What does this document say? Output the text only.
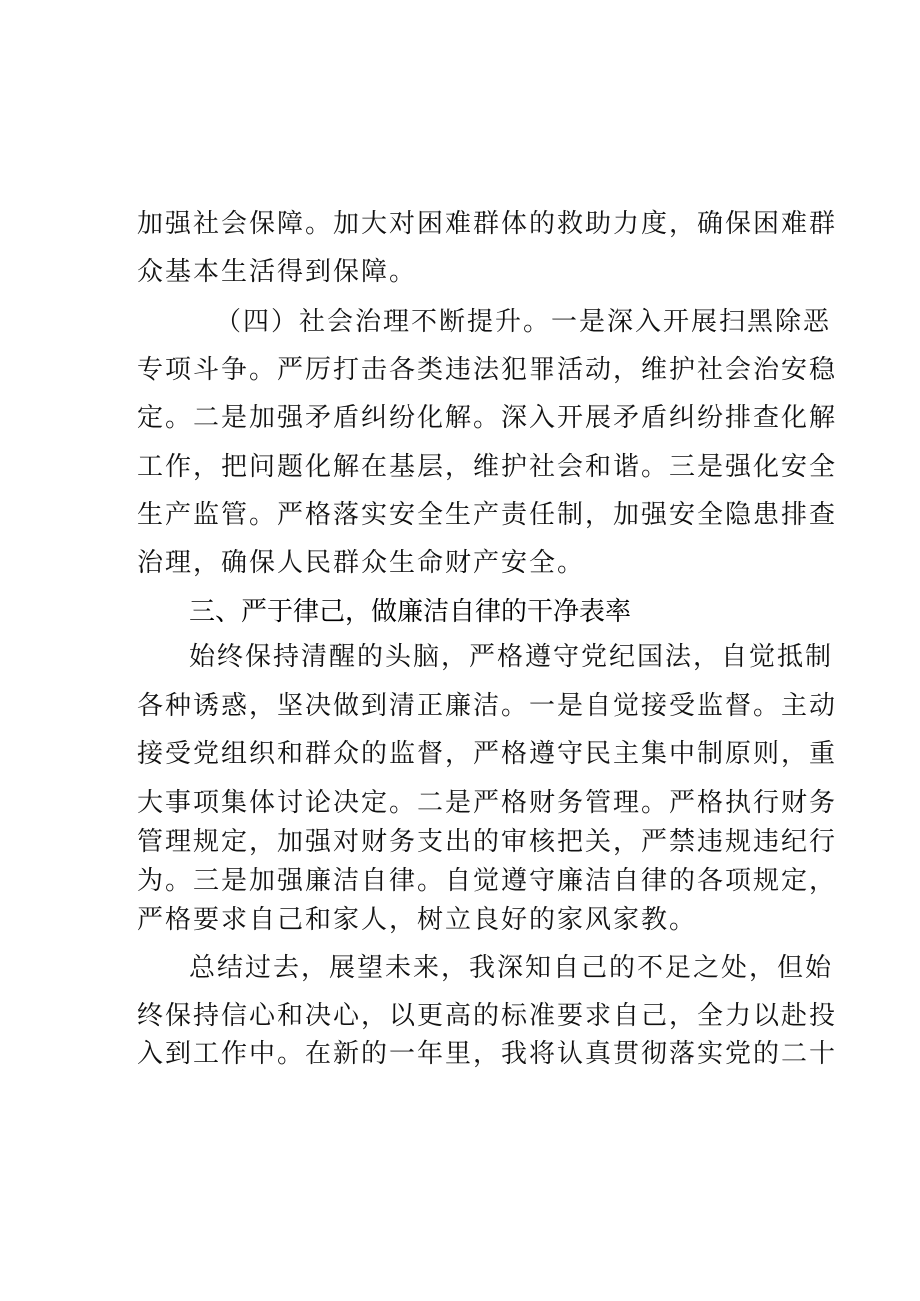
加强社会保障。加大对困难群体的救助力度，确保困难群
众基本生活得到保障。
（四）社会治理不断提升。一是深入开展扫黑除恶
专项斗争。严厉打击各类违法犯罪活动，维护社会治安稳
定。二是加强矛盾纠纷化解。深入开展矛盾纠纷排查化解
工作，把问题化解在基层，维护社会和谐。三是强化安全
生产监管。严格落实安全生产责任制，加强安全隐患排查
治理，确保人民群众生命财产安全。
三、严于律己，做廉洁自律的干净表率
始终保持清醒的头脑，严格遵守党纪国法，自觉抵制
各种诱惑，坚决做到清正廉洁。一是自觉接受监督。主动
接受党组织和群众的监督，严格遵守民主集中制原则，重
大事项集体讨论决定。二是严格财务管理。严格执行财务
管理规定，加强对财务支出的审核把关，严禁违规违纪行
为。三是加强廉洁自律。自觉遵守廉洁自律的各项规定，
严格要求自己和家人，树立良好的家风家教。
总结过去，展望未来，我深知自己的不足之处，但始
终保持信心和决心，以更高的标准要求自己，全力以赴投
入到工作中。在新的一年里，我将认真贯彻落实党的二十
